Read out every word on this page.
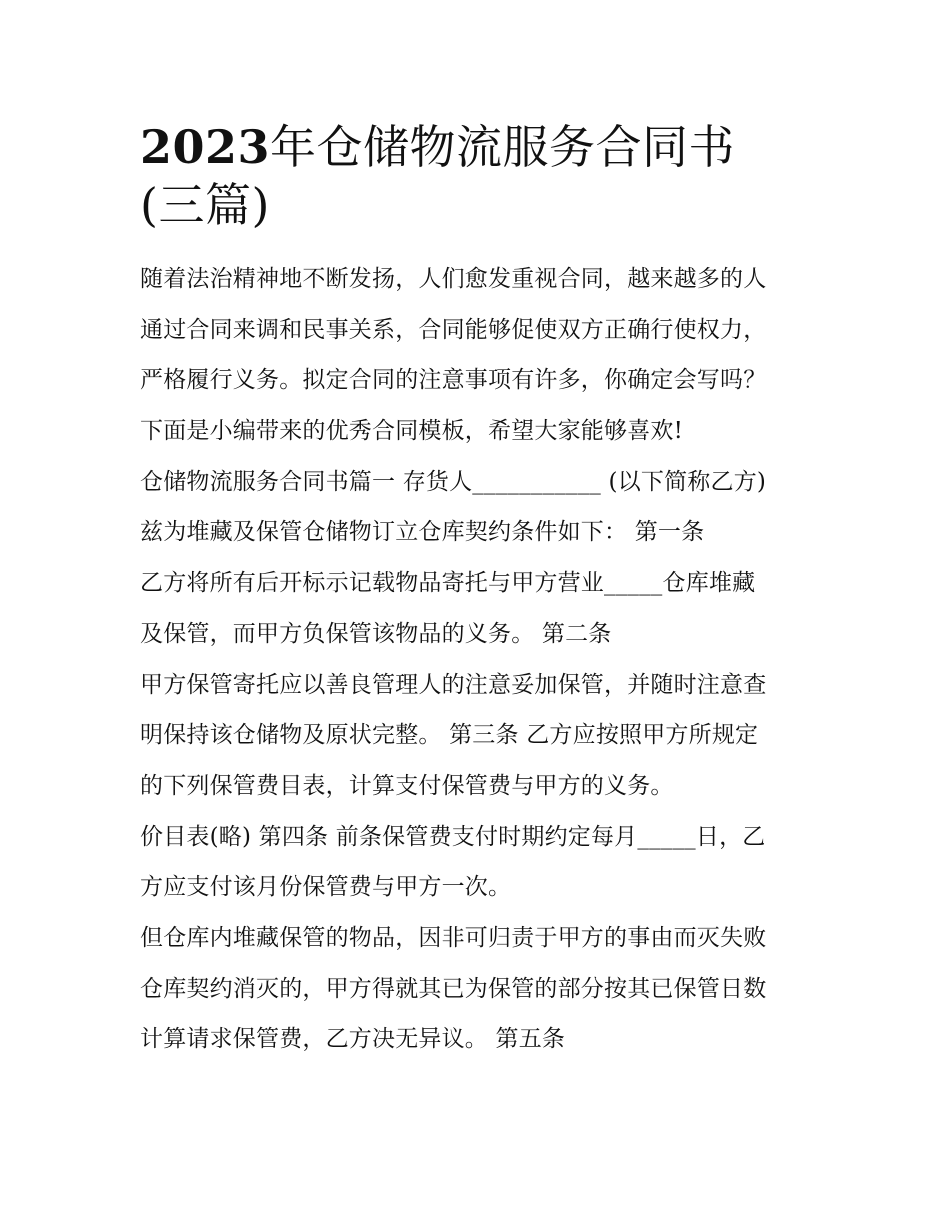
2023年仓储物流服务合同书
(三篇)
随着法治精神地不断发扬，人们愈发重视合同，越来越多的人
通过合同来调和民事关系，合同能够促使双方正确行使权力，
严格履行义务。拟定合同的注意事项有许多，你确定会写吗？
下面是小编带来的优秀合同模板，希望大家能够喜欢!
仓储物流服务合同书篇一 存货人___________ (以下简称乙方)
兹为堆藏及保管仓储物订立仓库契约条件如下： 第一条
乙方将所有后开标示记载物品寄托与甲方营业_____仓库堆藏
及保管，而甲方负保管该物品的义务。 第二条
甲方保管寄托应以善良管理人的注意妥加保管，并随时注意查
明保持该仓储物及原状完整。 第三条 乙方应按照甲方所规定
的下列保管费目表，计算支付保管费与甲方的义务。
价目表(略) 第四条 前条保管费支付时期约定每月_____日，乙
方应支付该月份保管费与甲方一次。
但仓库内堆藏保管的物品，因非可归责于甲方的事由而灭失败
仓库契约消灭的，甲方得就其已为保管的部分按其已保管日数
计算请求保管费，乙方决无异议。 第五条
